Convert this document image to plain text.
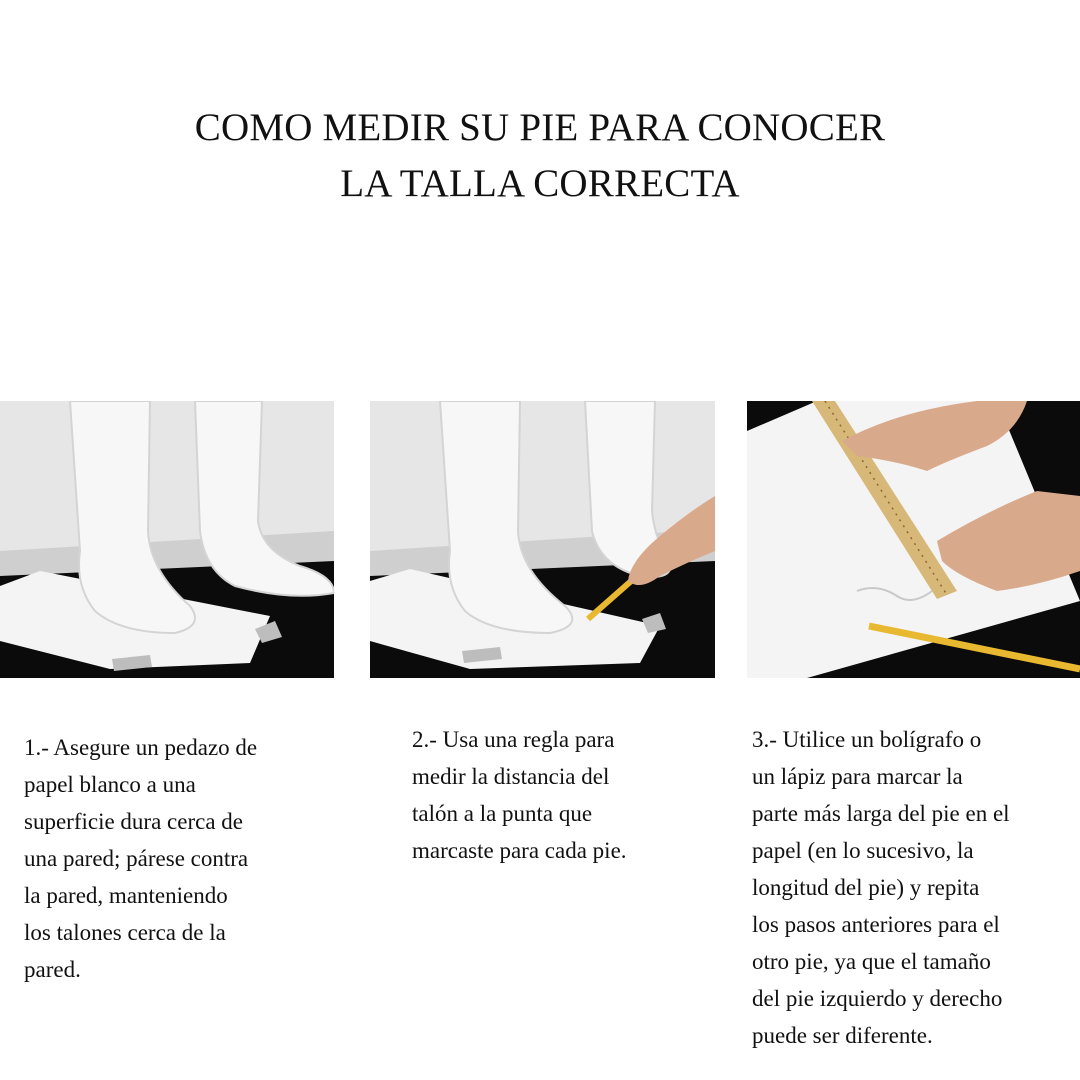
COMO MEDIR SU PIE PARA CONOCER
LA TALLA CORRECTA
1.- Asegure un pedazo de
papel blanco a una
superficie dura cerca de
una pared; párese contra
la pared, manteniendo
los talones cerca de la
pared.
2.- Usa una regla para
medir la distancia del
talón a la punta que
marcaste para cada pie.
3.- Utilice un bolígrafo o
un lápiz para marcar la
parte más larga del pie en el
papel (en lo sucesivo, la
longitud del pie) y repita
los pasos anteriores para el
otro pie, ya que el tamaño
del pie izquierdo y derecho
puede ser diferente.
